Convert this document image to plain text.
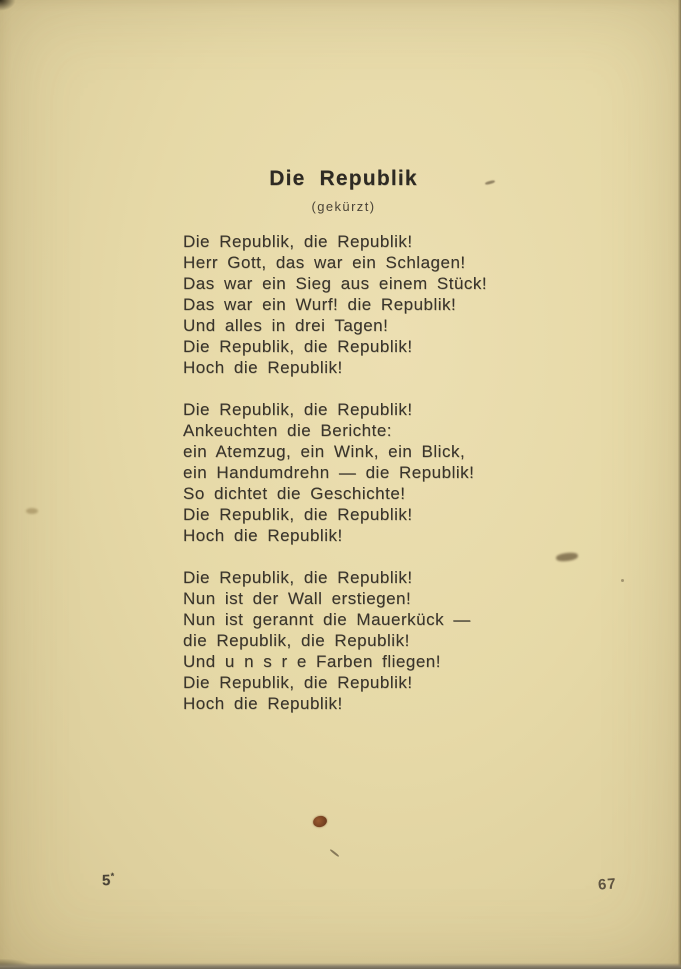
Die Republik
(gekürzt)
Die Republik, die Republik!
Herr Gott, das war ein Schlagen!
Das war ein Sieg aus einem Stück!
Das war ein Wurf! die Republik!
Und alles in drei Tagen!
Die Republik, die Republik!
Hoch die Republik!
Die Republik, die Republik!
Ankeuchten die Berichte:
ein Atemzug, ein Wink, ein Blick,
ein Handumdrehn — die Republik!
So dichtet die Geschichte!
Die Republik, die Republik!
Hoch die Republik!
Die Republik, die Republik!
Nun ist der Wall erstiegen!
Nun ist gerannt die Mauerkück —
die Republik, die Republik!
Und u n s r e Farben fliegen!
Die Republik, die Republik!
Hoch die Republik!
5*	67
